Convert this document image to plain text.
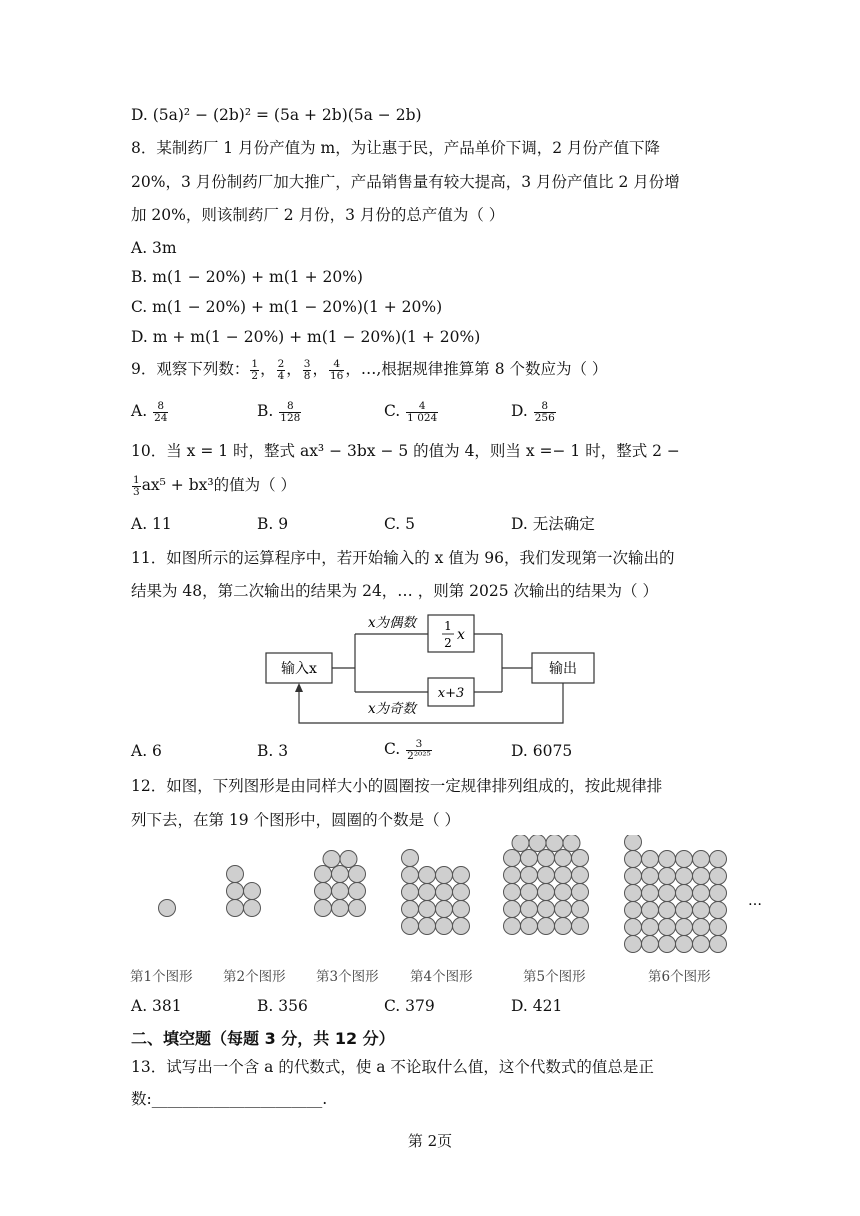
D. (5a)² − (2b)² = (5a + 2b)(5a − 2b)
8．某制药厂 1 月份产值为 m，为让惠于民，产品单价下调，2 月份产值下降
20%，3 月份制药厂加大推广，产品销售量有较大提高，3 月份产值比 2 月份增
加 20%，则该制药厂 2 月份，3 月份的总产值为（ ）
A. 3m
B. m(1 − 20%) + m(1 + 20%)
C. m(1 − 20%) + m(1 − 20%)(1 + 20%)
D. m + m(1 − 20%) + m(1 − 20%)(1 + 20%)
9．观察下列数： $\frac{1}{2}$ ， $\frac{2}{4}$ ， $\frac{3}{8}$ ， $\frac{4}{16}$ ，…,根据规律推算第 8 个数应为（ ）
A. $\frac{8}{24}$	B. $\frac{8}{128}$	C. $\frac{4}{1 024}$	D. $\frac{8}{256}$
10．当 x = 1 时，整式 ax³ − 3bx − 5 的值为 4，则当 x =− 1 时，整式 2 −
$\frac{1}{3} ax^5 + bx^3$的值为（ ）
A. 11	B. 9	C. 5	D. 无法确定
11．如图所示的运算程序中，若开始输入的 x 值为 96，我们发现第一次输出的
结果为 48，第二次输出的结果为 24，… ，则第 2025 次输出的结果为（ ）
输入x	输出
x为偶数
x为奇数
1
2 x
x+3
A. 6	B. 3	C. $\frac{3}{\text{2²⁰²⁵}}$	D. 6075
12．如图，下列图形是由同样大小的圆圈按一定规律排列组成的，按此规律排
列下去，在第 19 个图形中，圆圈的个数是（ ）
第1个图形 第2个图形 第3个图形 第4个图形	第5个图形	第6个图形
…
A. 381	B. 356	C. 379	D. 421
二、填空题（每题 3 分，共 12 分）
13．试写出一个含 a 的代数式，使 a 不论取什么值，这个代数式的值总是正
数:______________________.
第 2页
